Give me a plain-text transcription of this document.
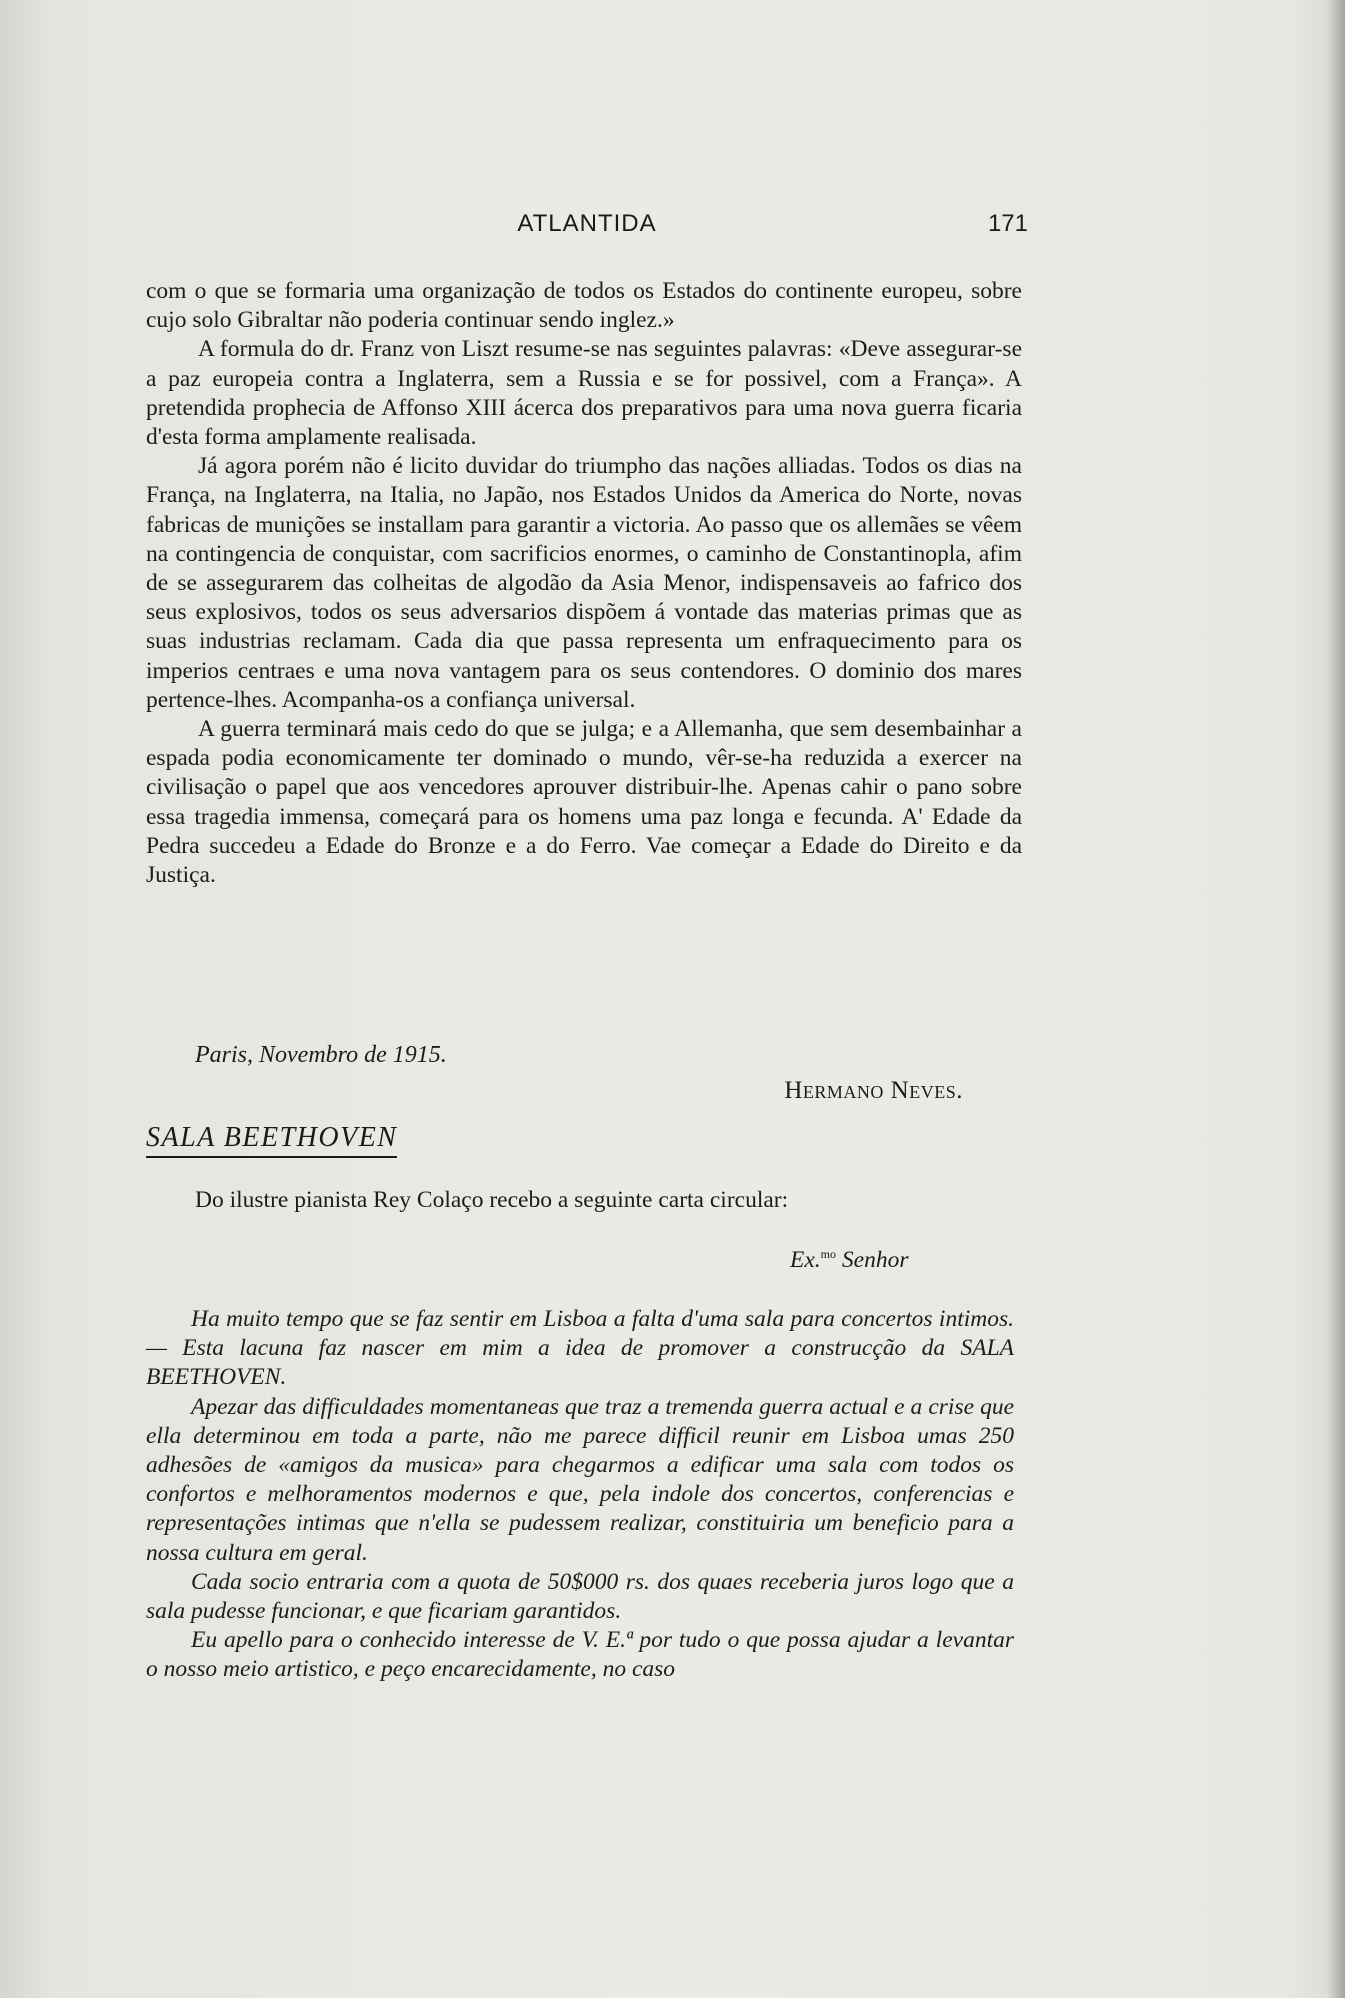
ATLANTIDA	171

com o que se formaria uma organização de todos os Estados do continente europeu, sobre cujo solo Gibraltar não poderia continuar sendo inglez.»

A formula do dr. Franz von Liszt resume-se nas seguintes palavras: «Deve assegurar-se a paz europeia contra a Inglaterra, sem a Russia e se for possivel, com a França». A pretendida prophecia de Affonso XIII ácerca dos preparativos para uma nova guerra ficaria d'esta forma amplamente realisada.

Já agora porém não é licito duvidar do triumpho das nações alliadas. Todos os dias na França, na Inglaterra, na Italia, no Japão, nos Estados Unidos da America do Norte, novas fabricas de munições se installam para garantir a victoria. Ao passo que os allemães se vêem na contingencia de conquistar, com sacrificios enormes, o caminho de Constantinopla, afim de se assegurarem das colheitas de algodão da Asia Menor, indispensaveis ao fafrico dos seus explosivos, todos os seus adversarios dispõem á vontade das materias primas que as suas industrias reclamam. Cada dia que passa representa um enfraquecimento para os imperios centraes e uma nova vantagem para os seus contendores. O dominio dos mares pertence-lhes. Acompanha-os a confiança universal.

A guerra terminará mais cedo do que se julga; e a Allemanha, que sem desembainhar a espada podia economicamente ter dominado o mundo, vêr-se-ha reduzida a exercer na civilisação o papel que aos vencedores aprouver distribuir-lhe. Apenas cahir o pano sobre essa tragedia immensa, começará para os homens uma paz longa e fecunda. A' Edade da Pedra succedeu a Edade do Bronze e a do Ferro. Vae começar a Edade do Direito e da Justiça.

Paris, Novembro de 1915.
Hermano Neves.
SALA BEETHOVEN
Do ilustre pianista Rey Colaço recebo a seguinte carta circular:
Ex.$^{mo}$ Senhor

Ha muito tempo que se faz sentir em Lisboa a falta d'uma sala para concertos intimos. — Esta lacuna faz nascer em mim a idea de promover a construcção da SALA BEETHOVEN.

Apezar das difficuldades momentaneas que traz a tremenda guerra actual e a crise que ella determinou em toda a parte, não me parece difficil reunir em Lisboa umas 250 adhesões de «amigos da musica» para chegarmos a edificar uma sala com todos os confortos e melhoramentos modernos e que, pela indole dos concertos, conferencias e representações intimas que n'ella se pudessem realizar, constituiria um beneficio para a nossa cultura em geral.

Cada socio entraria com a quota de 50$000 rs. dos quaes receberia juros logo que a sala pudesse funcionar, e que ficariam garantidos.

Eu apello para o conhecido interesse de V. E.ª por tudo o que possa ajudar a levantar o nosso meio artistico, e peço encarecidamente, no caso
